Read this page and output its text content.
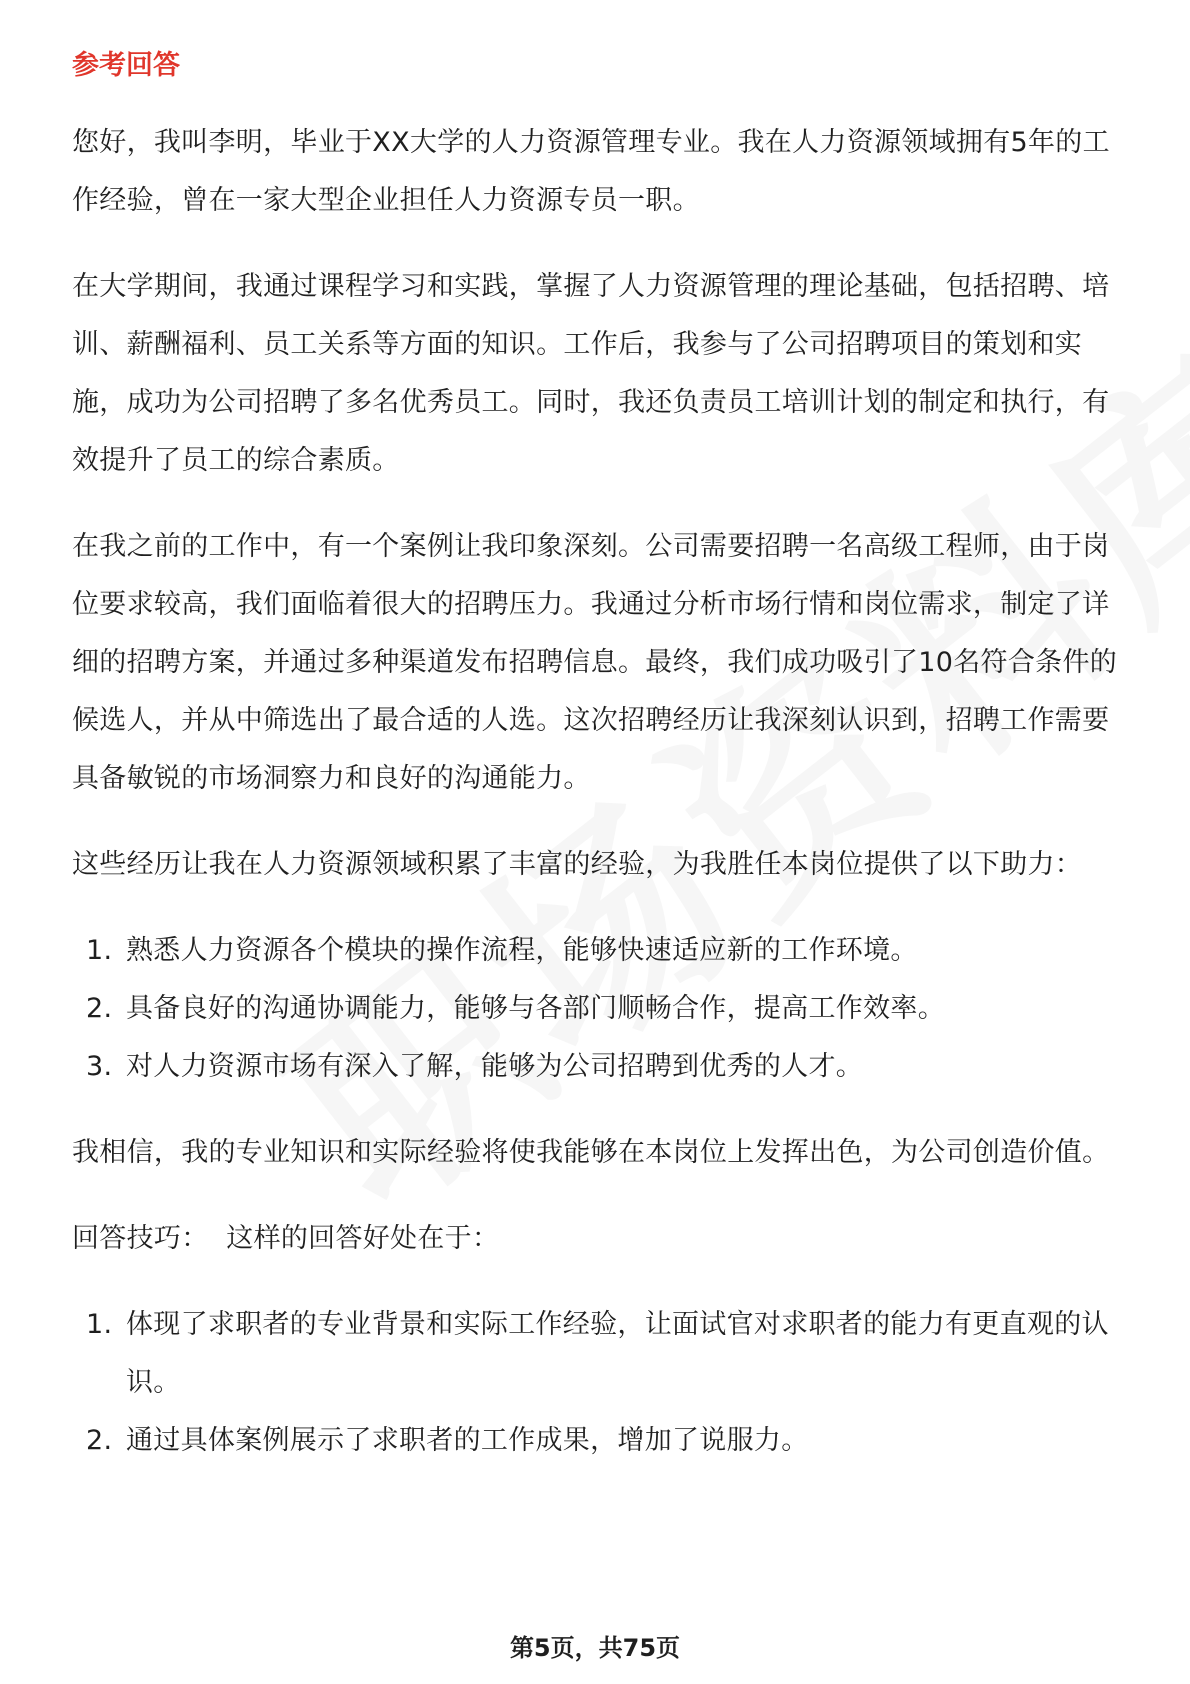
参考回答

您好，我叫李明，毕业于XX大学的人力资源管理专业。我在人力资源领域拥有5年的工作经验，曾在一家大型企业担任人力资源专员一职。

在大学期间，我通过课程学习和实践，掌握了人力资源管理的理论基础，包括招聘、培训、薪酬福利、员工关系等方面的知识。工作后，我参与了公司招聘项目的策划和实施，成功为公司招聘了多名优秀员工。同时，我还负责员工培训计划的制定和执行，有效提升了员工的综合素质。

在我之前的工作中，有一个案例让我印象深刻。公司需要招聘一名高级工程师，由于岗位要求较高，我们面临着很大的招聘压力。我通过分析市场行情和岗位需求，制定了详细的招聘方案，并通过多种渠道发布招聘信息。最终，我们成功吸引了10名符合条件的候选人，并从中筛选出了最合适的人选。这次招聘经历让我深刻认识到，招聘工作需要具备敏锐的市场洞察力和良好的沟通能力。

这些经历让我在人力资源领域积累了丰富的经验，为我胜任本岗位提供了以下助力：

1. 熟悉人力资源各个模块的操作流程，能够快速适应新的工作环境。
2. 具备良好的沟通协调能力，能够与各部门顺畅合作，提高工作效率。
3. 对人力资源市场有深入了解，能够为公司招聘到优秀的人才。

我相信，我的专业知识和实际经验将使我能够在本岗位上发挥出色，为公司创造价值。

回答技巧：  这样的回答好处在于：

1. 体现了求职者的专业背景和实际工作经验，让面试官对求职者的能力有更直观的认识。
2. 通过具体案例展示了求职者的工作成果，增加了说服力。
第5页，共75页
